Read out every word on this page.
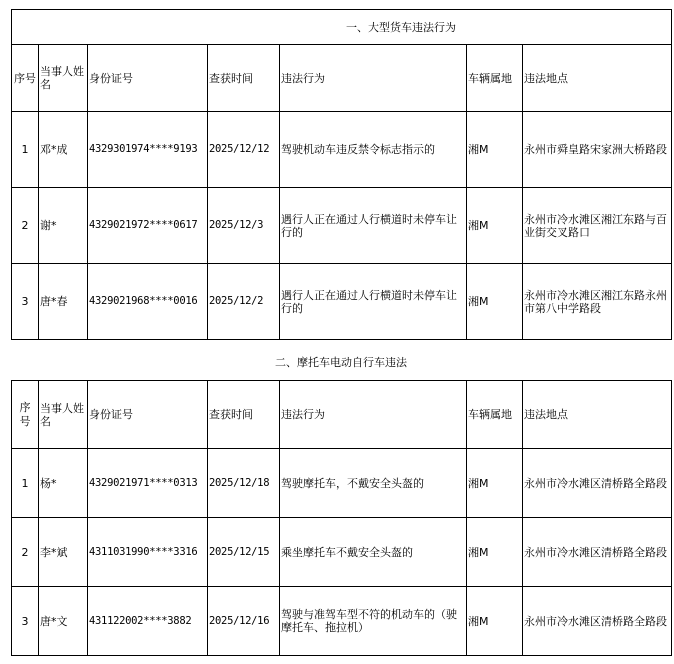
一、大型货车违法行为						
序号	当事人姓名	身份证号	查获时间	违法行为	车辆属地	违法地点
1	邓*成	4329301974****9193	2025/12/12	驾驶机动车违反禁令标志指示的	湘M	永州市舜皇路宋家洲大桥路段
2	谢*	4329021972****0617	2025/12/3	遇行人正在通过人行横道时未停车让行的	湘M	永州市冷水滩区湘江东路与百业街交叉路口
3	唐*春	4329021968****0016	2025/12/2	遇行人正在通过人行横道时未停车让行的	湘M	永州市冷水滩区湘江东路永州市第八中学路段
二、摩托车电动自行车违法
序号	当事人姓名	身份证号	查获时间	违法行为	车辆属地	违法地点
1	杨*	4329021971****0313	2025/12/18	驾驶摩托车，不戴安全头盔的	湘M	永州市冷水滩区清桥路全路段
2	李*斌	4311031990****3316	2025/12/15	乘坐摩托车不戴安全头盔的	湘M	永州市冷水滩区清桥路全路段
3	唐*文	431122002****3882	2025/12/16	驾驶与准驾车型不符的机动车的（驶摩托车、拖拉机）	湘M	永州市冷水滩区清桥路全路段
